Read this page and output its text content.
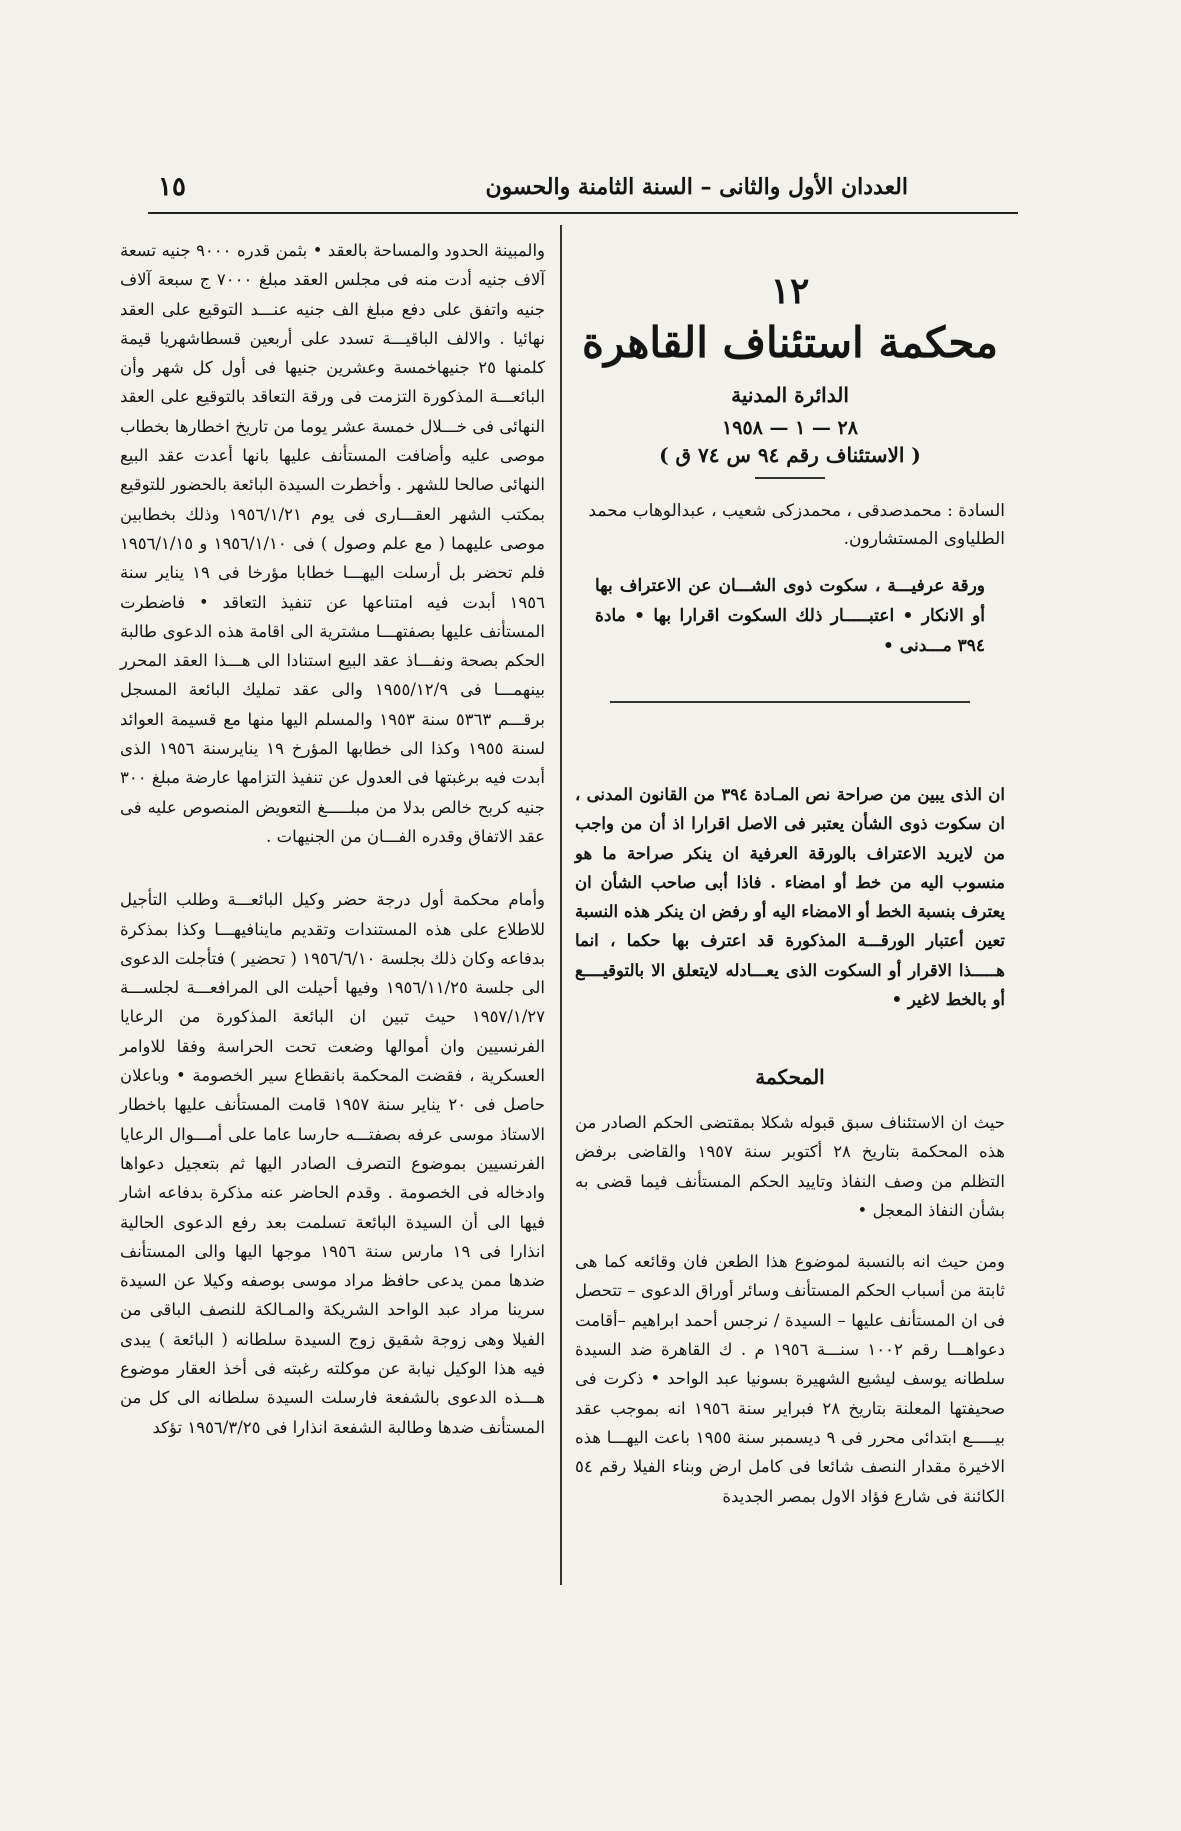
العددان الأول والثانى – السنة الثامنة والحسون
١٥

والمبينة الحدود والمساحة بالعقد • بثمن قدره ٩٠٠٠ جنيه تسعة آلاف جنيه أدت منه فى مجلس العقد مبلغ ٧٠٠٠ ج سبعة آلاف جنيه واتفق على دفع مبلغ الف جنيه عنـــد التوقيع على العقد نهائيا . والالف الباقيـــة تسدد على أربعين قسطاشهريا قيمة كلمنها ٢٥ جنيهاخمسة وعشرين جنيها فى أول كل شهر وأن البائعـــة المذكورة التزمت فى ورقة التعاقد بالتوقيع على العقد النهائى فى خـــلال خمسة عشر يوما من تاريخ اخطارها بخطاب موصى عليه وأضافت المستأنف عليها بانها أعدت عقد البيع النهائى صالحا للشهر . وأخطرت السيدة البائعة بالحضور للتوقيع بمكتب الشهر العقـــارى فى يوم ١٩٥٦/١/٢١ وذلك بخطابين موصى عليهما ( مع علم وصول ) فى ١٩٥٦/١/١٠ و ١٩٥٦/١/١٥ فلم تحضر بل أرسلت اليهـــا خطابا مؤرخا فى ١٩ يناير سنة ١٩٥٦ أبدت فيه امتناعها عن تنفيذ التعاقد • فاضطرت المستأنف عليها بصفتهـــا مشترية الى اقامة هذه الدعوى طالبة الحكم بصحة ونفـــاذ عقد البيع استنادا الى هـــذا العقد المحرر بينهمـــا فى ١٩٥٥/١٢/٩ والى عقد تمليك البائعة المسجل برقـــم ٥٣٦٣ سنة ١٩٥٣ والمسلم اليها منها مع قسيمة العوائد لسنة ١٩٥٥ وكذا الى خطابها المؤرخ ١٩ ينايرسنة ١٩٥٦ الذى أبدت فيه برغبتها فى العدول عن تنفيذ التزامها عارضة مبلغ ٣٠٠ جنيه كربح خالص بدلا من مبلـــــغ التعويض المنصوص عليه فى عقد الاتفاق وقدره الفـــان من الجنيهات .

وأمام محكمة أول درجة حضر وكيل البائعـــة وطلب التأجيل للاطلاع على هذه المستندات وتقديم ماينافيهـــا وكذا بمذكرة بدفاعه وكان ذلك بجلسة ١٩٥٦/٦/١٠ ( تحضير ) فتأجلت الدعوى الى جلسة ١٩٥٦/١١/٢٥ وفيها أحيلت الى المرافعـــة لجلســـة ١٩٥٧/١/٢٧ حيث تبين ان البائعة المذكورة من الرعايا الفرنسيين وان أموالها وضعت تحت الحراسة وفقا للاوامر العسكرية ، فقضت المحكمة بانقطاع سير الخصومة • وباعلان حاصل فى ٢٠ يناير سنة ١٩٥٧ قامت المستأنف عليها باخطار الاستاذ موسى عرفه بصفتـــه حارسا عاما على أمـــوال الرعايا الفرنسيين بموضوع التصرف الصادر اليها ثم بتعجيل دعواها وادخاله فى الخصومة . وقدم الحاضر عنه مذكرة بدفاعه اشار فيها الى أن السيدة البائعة تسلمت بعد رفع الدعوى الحالية انذارا فى ١٩ مارس سنة ١٩٥٦ موجها اليها والى المستأنف ضدها ممن يدعى حافظ مراد موسى بوصفه وكيلا عن السيدة سرينا مراد عبد الواحد الشريكة والمـالكة للنصف الباقى من الفيلا وهى زوجة شقيق زوج السيدة سلطانه ( البائعة ) يبدى فيه هذا الوكيل نيابة عن موكلته رغبته فى أخذ العقار موضوع هـــذه الدعوى بالشفعة فارسلت السيدة سلطانه الى كل من المستأنف ضدها وطالبة الشفعة انذارا فى ١٩٥٦/٣/٢٥ تؤكد

١٢
محكمة استئناف القاهرة
الدائرة المدنية
٢٨ — ١ — ١٩٥٨
( الاستئناف رقم ٩٤ س ٧٤ ق )

السادة : محمدصدقى ، محمدزكى شعيب ، عبدالوهاب محمد الطلياوى المستشارون.

ورقة عرفيـــة ، سكوت ذوى الشـــان عن الاعتراف بها أو الانكار • اعتبـــــار ذلك السكوت اقرارا بها • مادة ٣٩٤ مـــدنى •

ان الذى يبين من صراحة نص المـادة ٣٩٤ من القانون المدنى ، ان سكوت ذوى الشأن يعتبر فى الاصل اقرارا اذ أن من واجب من لايريد الاعتراف بالورقة العرفية ان ينكر صراحة ما هو منسوب اليه من خط أو امضاء . فاذا أبى صاحب الشأن ان يعترف بنسبة الخط أو الامضاء اليه أو رفض ان ينكر هذه النسبة تعين أعتبار الورقـــة المذكورة قد اعترف بها حكما ، انما هـــــذا الاقرار أو السكوت الذى يعـــادله لايتعلق الا بالتوقيــــع أو بالخط لاغير •
المحكمة

حيث ان الاستئناف سبق قبوله شكلا بمقتضى الحكم الصادر من هذه المحكمة بتاريخ ٢٨ أكتوبر سنة ١٩٥٧ والقاضى برفض التظلم من وصف النفاذ وتاييد الحكم المستأنف فيما قضى به بشأن النفاذ المعجل •

ومن حيث انه بالنسبة لموضوع هذا الطعن فان وقائعه كما هى ثابتة من أسباب الحكم المستأنف وسائر أوراق الدعوى – تتحصل فى ان المستأنف عليها – السيدة / نرجس أحمد ابراهيم –أقامت دعواهـــا رقم ١٠٠٢ سنـــة ١٩٥٦ م . ك القاهرة ضد السيدة سلطانه يوسف ليشيع الشهيرة بسونيا عبد الواحد • ذكرت فى صحيفتها المعلنة بتاريخ ٢٨ فبراير سنة ١٩٥٦ انه بموجب عقد بيـــــع ابتدائى محرر فى ٩ ديسمبر سنة ١٩٥٥ باعت اليهـــا هذه الاخيرة مقدار النصف شائعا فى كامل ارض وبناء الفيلا رقم ٥٤ الكائنة فى شارع فؤاد الاول بمصر الجديدة
